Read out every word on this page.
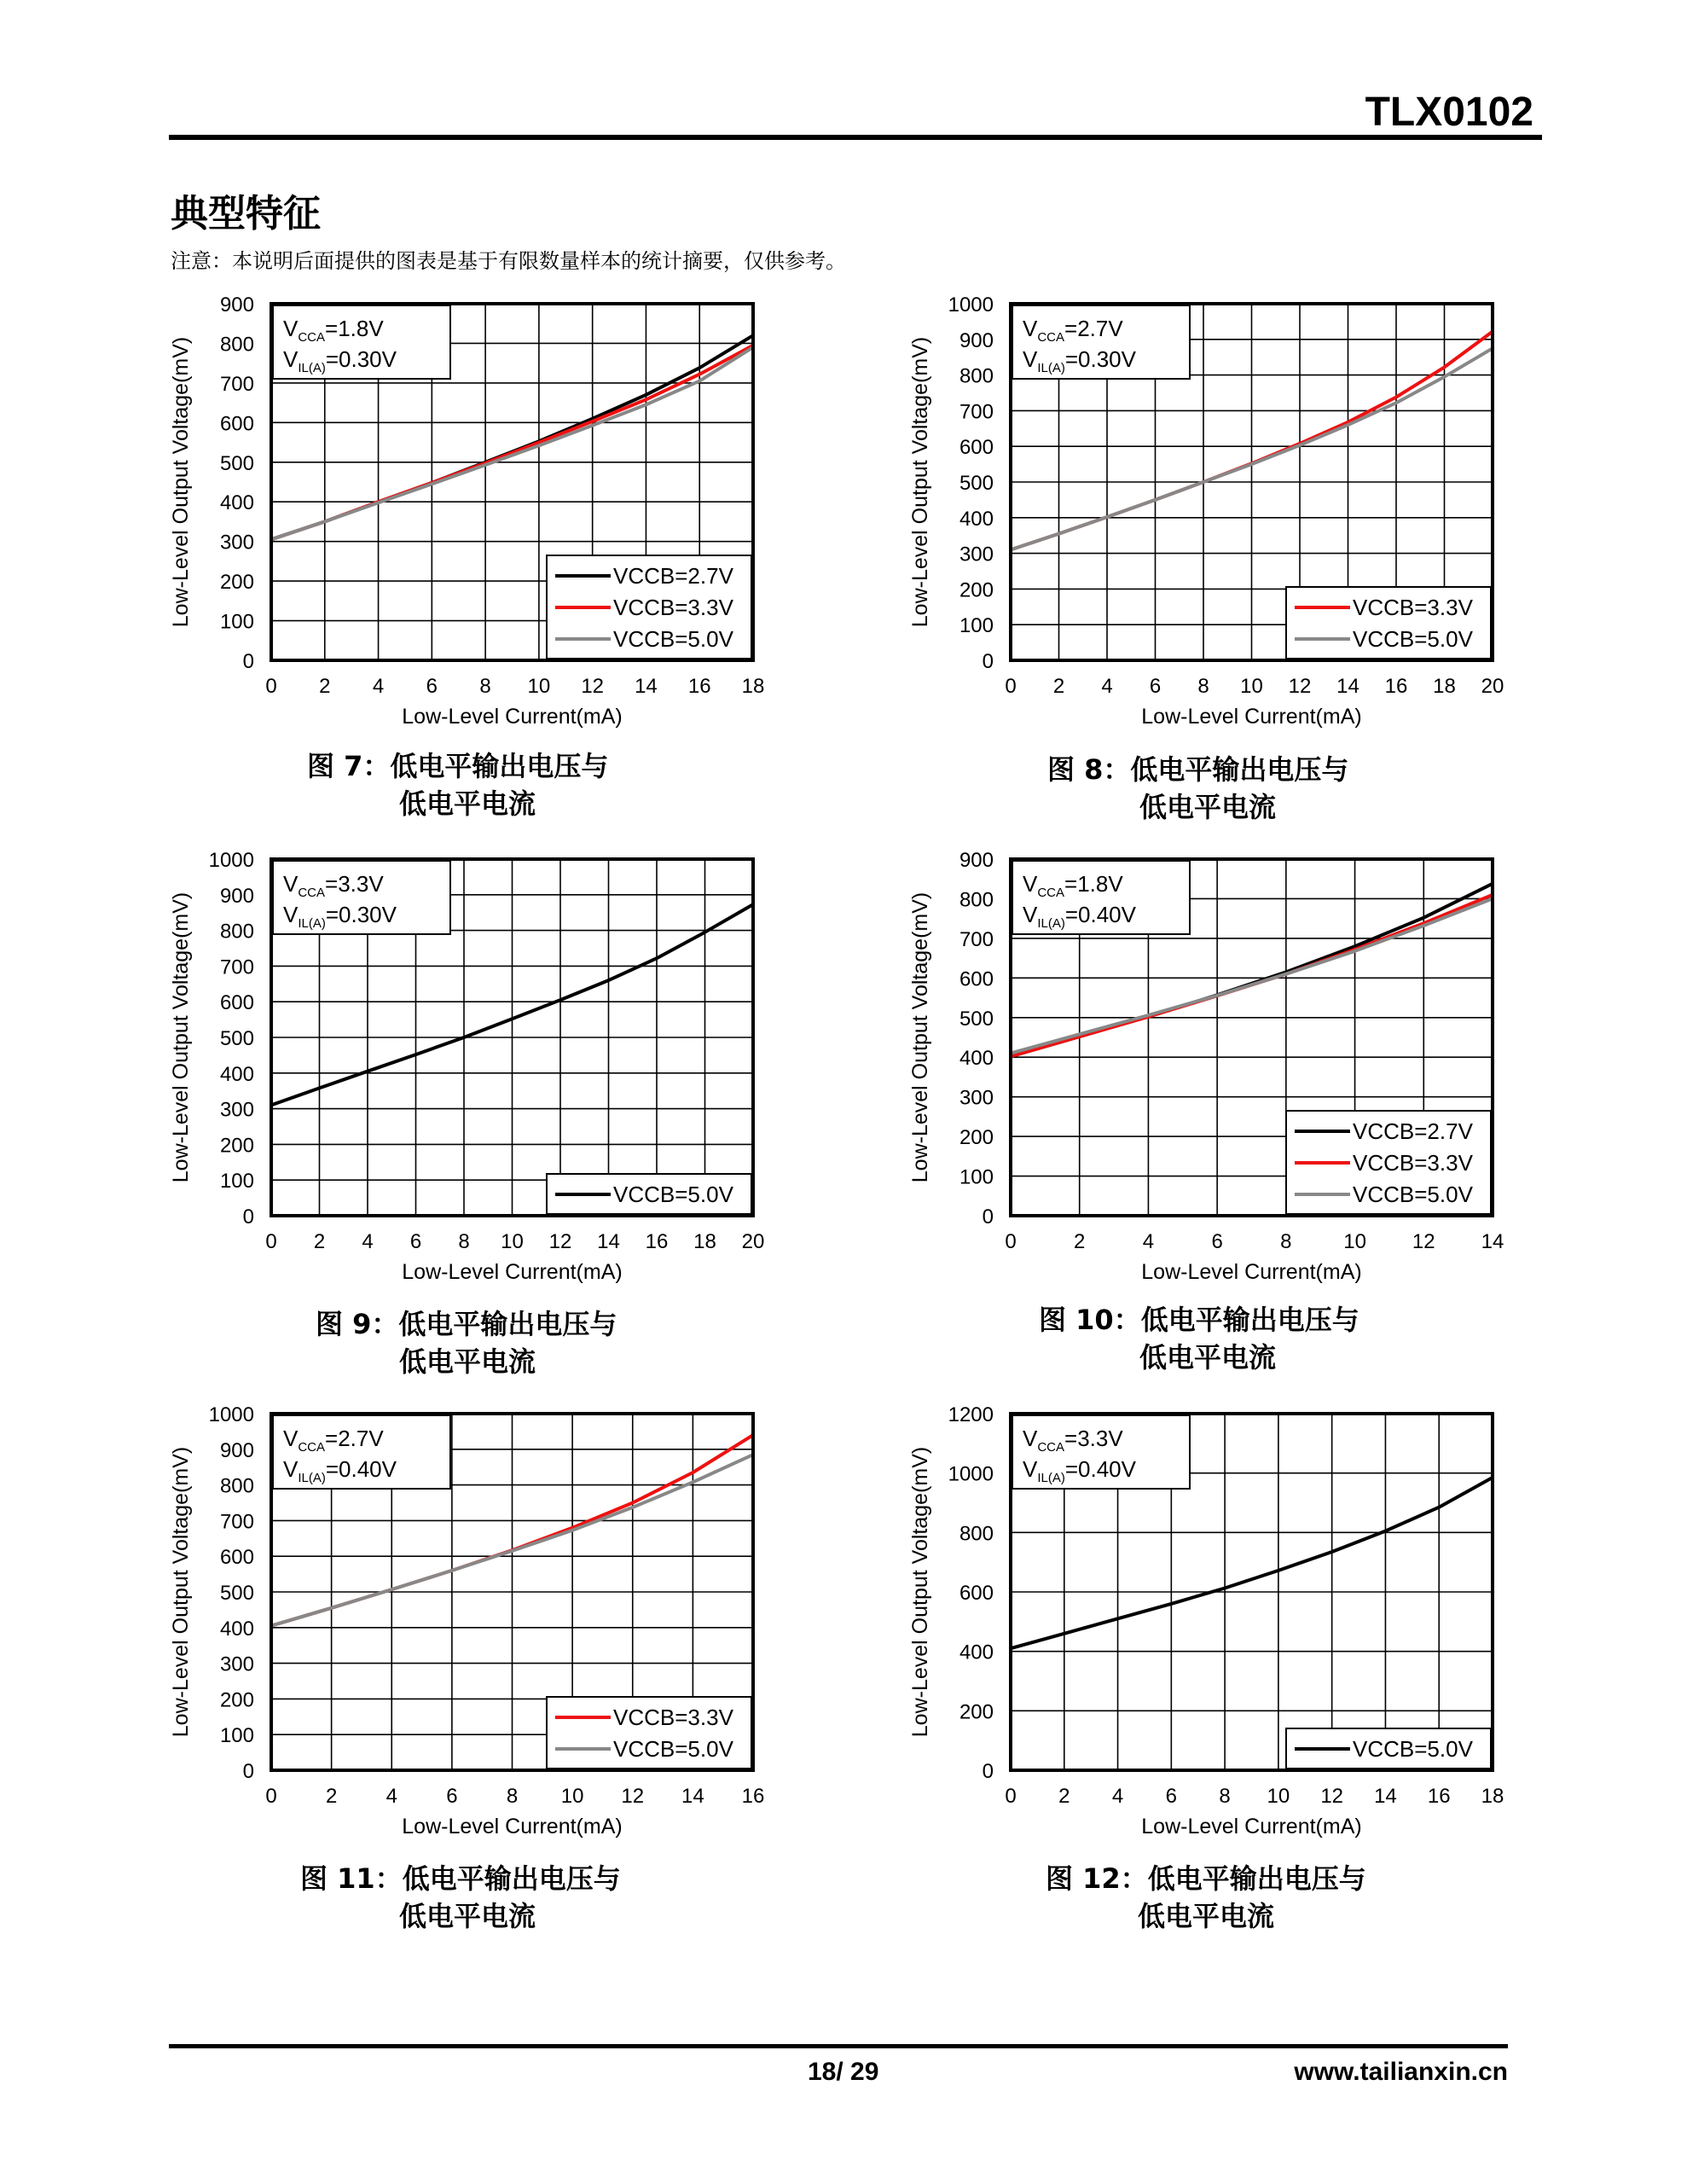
TLX0102
典型特征
注意：本说明后面提供的图表是基于有限数量样本的统计摘要，仅供参考。
0 2 4 6 8 10 12 14 16 18
0
100
200
300
400
500
600
700
800
900
Low-Level Current(mA)
Low-Level Output Voltage(mV)
$V_{CCA}=1.8V$
$V_{IL(A)}=0.30V$
VCCB=2.7V
VCCB=3.3V
VCCB=5.0V
0 2 4 6 8 10 12 14 16 18 20
0
100
200
300
400
500
600
700
800
900
1000
Low-Level Current(mA)
Low-Level Output Voltage(mV)
$V_{CCA}=2.7V$
$V_{IL(A)}=0.30V$
VCCB=3.3V
VCCB=5.0V
0 2 4 6 8 10 12 14 16 18 20
0
100
200
300
400
500
600
700
800
900
1000
Low-Level Current(mA)
Low-Level Output Voltage(mV)
$V_{CCA}=3.3V$
$V_{IL(A)}=0.30V$
VCCB=5.0V
0	2	4	6	8	10 12 14
0
100
200
300
400
500
600
700
800
900
Low-Level Current(mA)
Low-Level Output Voltage(mV)
$V_{CCA}=1.8V$
$V_{IL(A)}=0.40V$
VCCB=2.7V
VCCB=3.3V
VCCB=5.0V
0 2 4 6 8 10 12 14 16
0
100
200
300
400
500
600
700
800
900
1000
Low-Level Current(mA)
Low-Level Output Voltage(mV)
$V_{CCA}=2.7V$
$V_{IL(A)}=0.40V$
VCCB=3.3V
VCCB=5.0V
0 2 4 6 8 10 12 14 16 18
0
200
400
600
800
1000
1200
Low-Level Current(mA)
Low-Level Output Voltage(mV)
$V_{CCA}=3.3V$
$V_{IL(A)}=0.40V$
VCCB=5.0V
图 7：低电平输出电压与
低电平电流
图 8：低电平输出电压与
低电平电流
图 9：低电平输出电压与
低电平电流
图 10：低电平输出电压与
低电平电流
图 11：低电平输出电压与
低电平电流
图 12：低电平输出电压与
低电平电流
18/ 29	www.tailianxin.cn
